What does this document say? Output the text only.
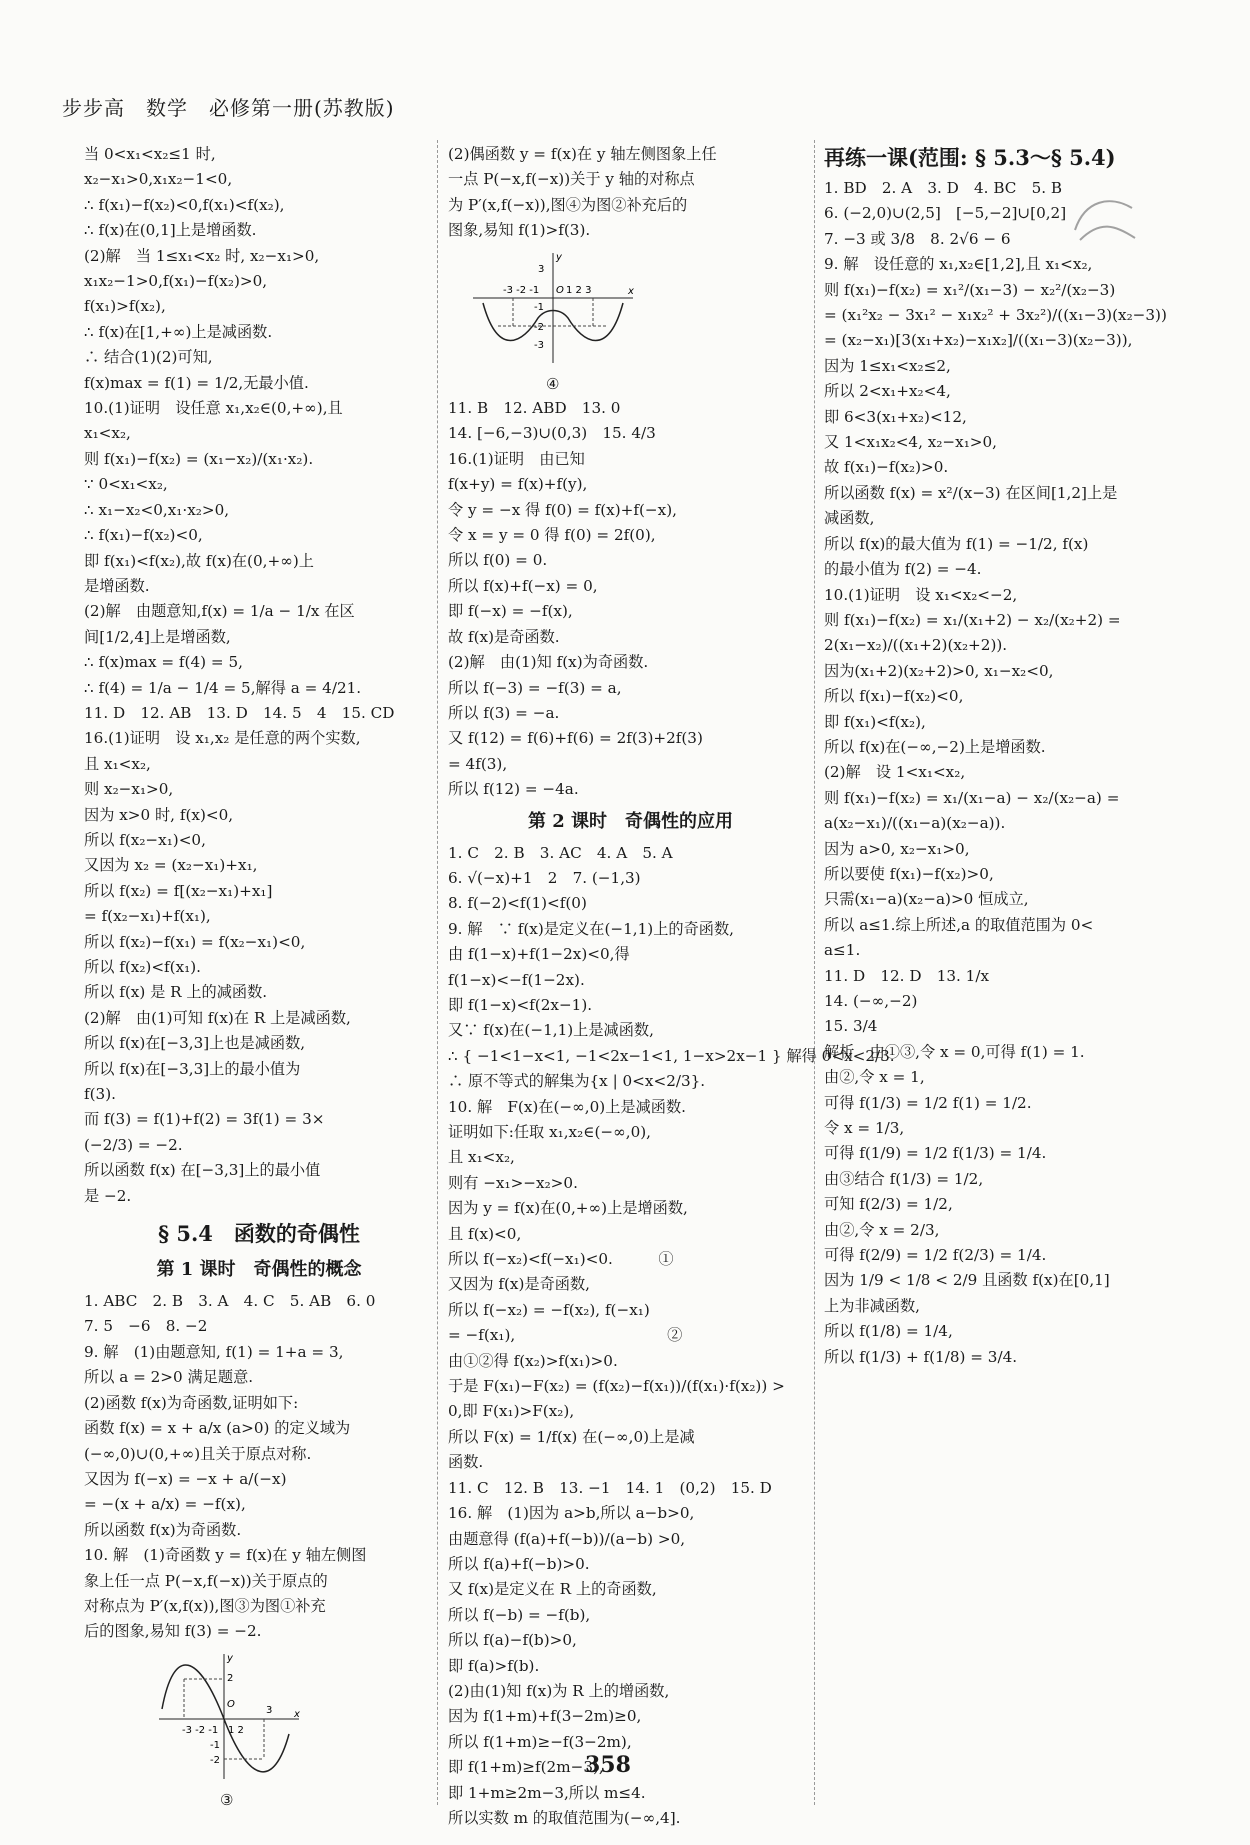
步步高　数学　必修第一册(苏教版)
当 0<x₁<x₂≤1 时,
x₂−x₁>0,x₁x₂−1<0,
∴ f(x₁)−f(x₂)<0,f(x₁)<f(x₂),
∴ f(x)在(0,1]上是增函数.
(2)解　当 1≤x₁<x₂ 时, x₂−x₁>0,
x₁x₂−1>0,f(x₁)−f(x₂)>0,
f(x₁)>f(x₂),
∴ f(x)在[1,+∞)上是减函数.
∴ 结合(1)(2)可知,
f(x)max = f(1) = 1/2,无最小值.
10.(1)证明　设任意 x₁,x₂∈(0,+∞),且
x₁<x₂,
则 f(x₁)−f(x₂) = (x₁−x₂)/(x₁·x₂).
∵ 0<x₁<x₂,
∴ x₁−x₂<0,x₁·x₂>0,
∴ f(x₁)−f(x₂)<0,
即 f(x₁)<f(x₂),故 f(x)在(0,+∞)上
是增函数.
(2)解　由题意知,f(x) = 1/a − 1/x 在区
间[1/2,4]上是增函数,
∴ f(x)max = f(4) = 5,
∴ f(4) = 1/a − 1/4 = 5,解得 a = 4/21.
11. D　12. AB　13. D　14. 5　4　15. CD
16.(1)证明　设 x₁,x₂ 是任意的两个实数,
且 x₁<x₂,
则 x₂−x₁>0,
因为 x>0 时, f(x)<0,
所以 f(x₂−x₁)<0,
又因为 x₂ = (x₂−x₁)+x₁,
所以 f(x₂) = f[(x₂−x₁)+x₁]
= f(x₂−x₁)+f(x₁),
所以 f(x₂)−f(x₁) = f(x₂−x₁)<0,
所以 f(x₂)<f(x₁).
所以 f(x) 是 R 上的减函数.
(2)解　由(1)可知 f(x)在 R 上是减函数,
所以 f(x)在[−3,3]上也是减函数,
所以 f(x)在[−3,3]上的最小值为
f(3).
而 f(3) = f(1)+f(2) = 3f(1) = 3×
(−2/3) = −2.
所以函数 f(x) 在[−3,3]上的最小值
是 −2.
§ 5.4　函数的奇偶性
第 1 课时　奇偶性的概念
1. ABC　2. B　3. A　4. C　5. AB　6. 0
7. 5　−6　8. −2
9. 解　(1)由题意知, f(1) = 1+a = 3,
所以 a = 2>0 满足题意.
(2)函数 f(x)为奇函数,证明如下:
函数 f(x) = x + a/x (a>0) 的定义域为
(−∞,0)∪(0,+∞)且关于原点对称.
又因为 f(−x) = −x + a/(−x)
= −(x + a/x) = −f(x),
所以函数 f(x)为奇函数.
10. 解　(1)奇函数 y = f(x)在 y 轴左侧图
象上任一点 P(−x,f(−x))关于原点的
对称点为 P′(x,f(x)),图③为图①补充
后的图象,易知 f(3) = −2.
-3 -2 -1 1 2
3 x
y
2
O
-1
-2
③
(2)偶函数 y = f(x)在 y 轴左侧图象上任
一点 P(−x,f(−x))关于 y 轴的对称点
为 P′(x,f(−x)),图④为图②补充后的
图象,易知 f(1)>f(3).
-3 -2 -1 O 1 2 3	x
y
3
-1
-2
-3
④
11. B　12. ABD　13. 0
14. [−6,−3)∪(0,3)　15. 4/3
16.(1)证明　由已知
f(x+y) = f(x)+f(y),
令 y = −x 得 f(0) = f(x)+f(−x),
令 x = y = 0 得 f(0) = 2f(0),
所以 f(0) = 0.
所以 f(x)+f(−x) = 0,
即 f(−x) = −f(x),
故 f(x)是奇函数.
(2)解　由(1)知 f(x)为奇函数.
所以 f(−3) = −f(3) = a,
所以 f(3) = −a.
又 f(12) = f(6)+f(6) = 2f(3)+2f(3)
= 4f(3),
所以 f(12) = −4a.
第 2 课时　奇偶性的应用
1. C　2. B　3. AC　4. A　5. A
6. √(−x)+1　2　7. (−1,3)
8. f(−2)<f(1)<f(0)
9. 解　∵ f(x)是定义在(−1,1)上的奇函数,
由 f(1−x)+f(1−2x)<0,得
f(1−x)<−f(1−2x).
即 f(1−x)<f(2x−1).
又∵ f(x)在(−1,1)上是减函数,
∴ { −1<1−x<1, −1<2x−1<1, 1−x>2x−1 } 解得 0<x<2/3.
∴ 原不等式的解集为{x | 0<x<2/3}.
10. 解　F(x)在(−∞,0)上是减函数.
证明如下:任取 x₁,x₂∈(−∞,0),
且 x₁<x₂,
则有 −x₁>−x₂>0.
因为 y = f(x)在(0,+∞)上是增函数,
且 f(x)<0,
所以 f(−x₂)<f(−x₁)<0.　　　①
又因为 f(x)是奇函数,
所以 f(−x₂) = −f(x₂), f(−x₁)
= −f(x₁),　　　　　　　　　　②
由①②得 f(x₂)>f(x₁)>0.
于是 F(x₁)−F(x₂) = (f(x₂)−f(x₁))/(f(x₁)·f(x₂)) >
0,即 F(x₁)>F(x₂),
所以 F(x) = 1/f(x) 在(−∞,0)上是减
函数.
11. C　12. B　13. −1　14. 1　(0,2)　15. D
16. 解　(1)因为 a>b,所以 a−b>0,
由题意得 (f(a)+f(−b))/(a−b) >0,
所以 f(a)+f(−b)>0.
又 f(x)是定义在 R 上的奇函数,
所以 f(−b) = −f(b),
所以 f(a)−f(b)>0,
即 f(a)>f(b).
(2)由(1)知 f(x)为 R 上的增函数,
因为 f(1+m)+f(3−2m)≥0,
所以 f(1+m)≥−f(3−2m),
即 f(1+m)≥f(2m−3),
即 1+m≥2m−3,所以 m≤4.
所以实数 m 的取值范围为(−∞,4].
再练一课(范围: § 5.3～§ 5.4)
1. BD　2. A　3. D　4. BC　5. B
6. (−2,0)∪(2,5]　[−5,−2]∪[0,2]
7. −3 或 3/8　8. 2√6 − 6
9. 解　设任意的 x₁,x₂∈[1,2],且 x₁<x₂,
则 f(x₁)−f(x₂) = x₁²/(x₁−3) − x₂²/(x₂−3)
= (x₁²x₂ − 3x₁² − x₁x₂² + 3x₂²)/((x₁−3)(x₂−3))
= (x₂−x₁)[3(x₁+x₂)−x₁x₂]/((x₁−3)(x₂−3)),
因为 1≤x₁<x₂≤2,
所以 2<x₁+x₂<4,
即 6<3(x₁+x₂)<12,
又 1<x₁x₂<4, x₂−x₁>0,
故 f(x₁)−f(x₂)>0.
所以函数 f(x) = x²/(x−3) 在区间[1,2]上是
减函数,
所以 f(x)的最大值为 f(1) = −1/2, f(x)
的最小值为 f(2) = −4.
10.(1)证明　设 x₁<x₂<−2,
则 f(x₁)−f(x₂) = x₁/(x₁+2) − x₂/(x₂+2) =
2(x₁−x₂)/((x₁+2)(x₂+2)).
因为(x₁+2)(x₂+2)>0, x₁−x₂<0,
所以 f(x₁)−f(x₂)<0,
即 f(x₁)<f(x₂),
所以 f(x)在(−∞,−2)上是增函数.
(2)解　设 1<x₁<x₂,
则 f(x₁)−f(x₂) = x₁/(x₁−a) − x₂/(x₂−a) =
a(x₂−x₁)/((x₁−a)(x₂−a)).
因为 a>0, x₂−x₁>0,
所以要使 f(x₁)−f(x₂)>0,
只需(x₁−a)(x₂−a)>0 恒成立,
所以 a≤1.综上所述,a 的取值范围为 0<
a≤1.
11. D　12. D　13. 1/x
14. (−∞,−2)
15. 3/4
解析　由①③,令 x = 0,可得 f(1) = 1.
由②,令 x = 1,
可得 f(1/3) = 1/2 f(1) = 1/2.
令 x = 1/3,
可得 f(1/9) = 1/2 f(1/3) = 1/4.
由③结合 f(1/3) = 1/2,
可知 f(2/3) = 1/2,
由②,令 x = 2/3,
可得 f(2/9) = 1/2 f(2/3) = 1/4.
因为 1/9 < 1/8 < 2/9 且函数 f(x)在[0,1]
上为非减函数,
所以 f(1/8) = 1/4,
所以 f(1/3) + f(1/8) = 3/4.
358
